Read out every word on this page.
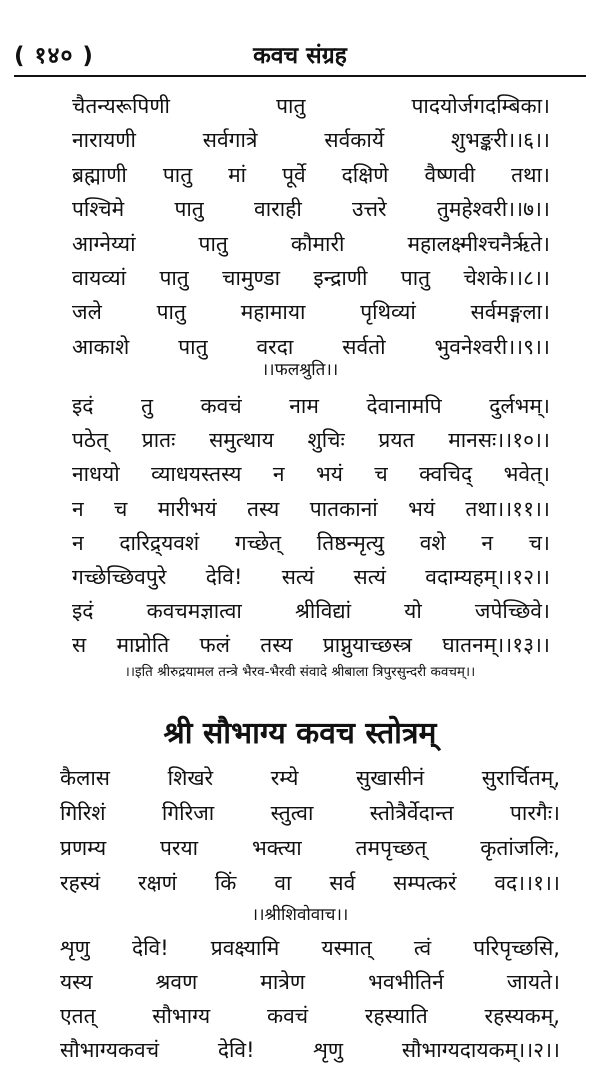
( १४० )	कवच संग्रह
चैतन्यरूपिणी	पातु	पादयोर्जगदम्बिका।
नारायणी	सर्वगात्रे	सर्वकार्ये	शुभङ्करी।।६।।
ब्रह्माणी पातु मां पूर्वे दक्षिणे वैष्णवी तथा।
पश्चिमे पातु वाराही उत्तरे तुमहेश्वरी।।७।।
आग्नेय्यां	पातु	कौमारी	महालक्ष्मीश्चनैर्ऋते।
वायव्यां पातु चामुण्डा इन्द्राणी पातु चेशके।।८।।
जले	पातु	महामाया	पृथिव्यां	सर्वमङ्गला।
आकाशे पातु वरदा सर्वतो भुवनेश्वरी।।९।।
।।फलश्रुति।।
इदं तु कवचं नाम देवानामपि दुर्लभम्।
पठेत् प्रातः समुत्थाय शुचिः प्रयत मानसः।।१०।।
नाधयो व्याधयस्तस्य न भयं च क्वचिद् भवेत्।
न च मारीभयं तस्य पातकानां भयं तथा।।११।।
न दारिद्र्यवशं गच्छेत् तिष्ठन्मृत्यु वशे न च।
गच्छेच्छिवपुरे देवि! सत्यं सत्यं वदाम्यहम्।।१२।।
इदं	कवचमज्ञात्वा	श्रीविद्यां	यो	जपेच्छिवे।
स माप्नोति फलं तस्य प्राप्नुयाच्छस्त्र घातनम्।।१३।।
।।इति श्रीरुद्रयामल तन्त्रे भैरव-भैरवी संवादे श्रीबाला त्रिपुरसुन्दरी कवचम्।।
श्री सौभाग्य कवच स्तोत्रम्
कैलास	शिखरे	रम्ये	सुखासीनं	सुरार्चितम्,
गिरिशं	गिरिजा	स्तुत्वा	स्तोत्रैर्वेदान्त	पारगैः।
प्रणम्य	परया	भक्त्या	तमपृच्छत्	कृतांजलिः,
रहस्यं रक्षणं किं वा सर्व सम्पत्करं वद।।१।।
।।श्रीशिवोवाच।।
शृणु देवि! प्रवक्ष्यामि यस्मात् त्वं परिपृच्छसि,
यस्य	श्रवण	मात्रेण	भवभीतिर्न	जायते।
एतत्	सौभाग्य	कवचं	रहस्याति	रहस्यकम्,
सौभाग्यकवचं	देवि!	शृणु	सौभाग्यदायकम्।।२।।
